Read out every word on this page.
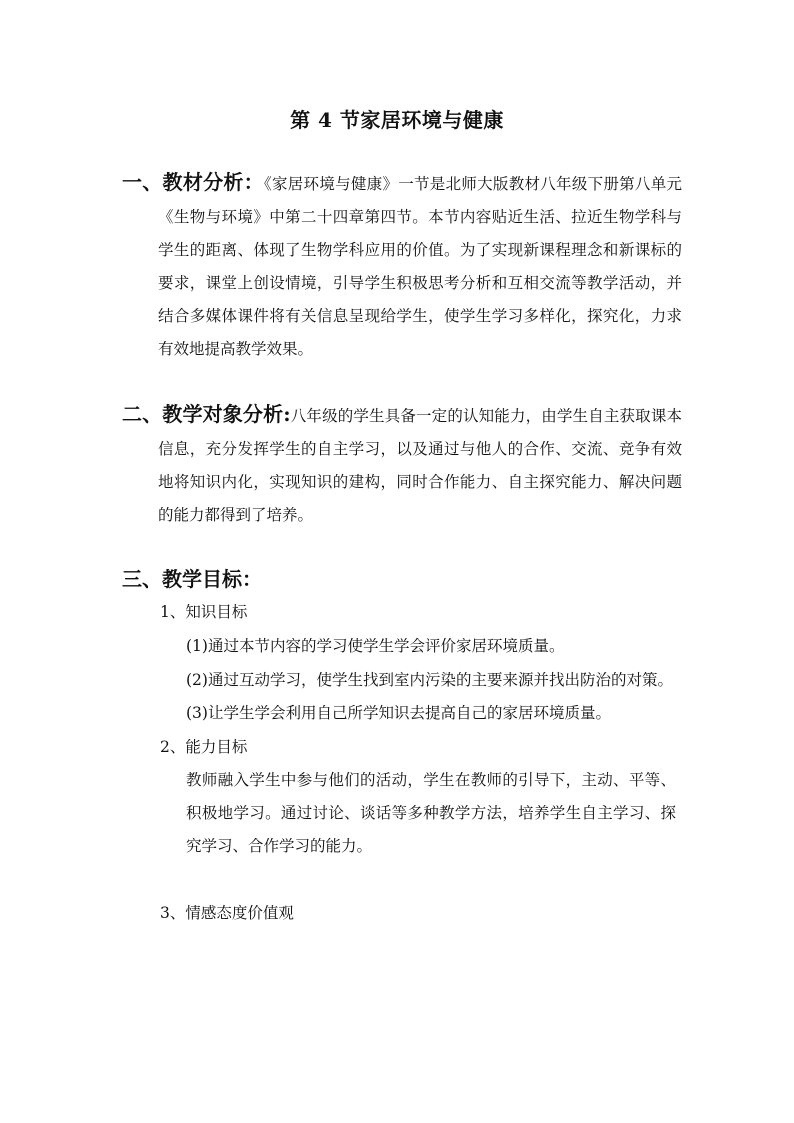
第 4 节家居环境与健康
一、教材分析：《家居环境与健康》一节是北师大版教材八年级下册第八单元《生物与环境》中第二十四章第四节。本节内容贴近生活、拉近生物学科与学生的距离、体现了生物学科应用的价值。为了实现新课程理念和新课标的要求，课堂上创设情境，引导学生积极思考分析和互相交流等教学活动，并结合多媒体课件将有关信息呈现给学生，使学生学习多样化，探究化，力求有效地提高教学效果。
二、教学对象分析:八年级的学生具备一定的认知能力，由学生自主获取课本信息，充分发挥学生的自主学习，以及通过与他人的合作、交流、竞争有效地将知识内化，实现知识的建构，同时合作能力、自主探究能力、解决问题的能力都得到了培养。
三、教学目标：
1、知识目标
(1)通过本节内容的学习使学生学会评价家居环境质量。
(2)通过互动学习，使学生找到室内污染的主要来源并找出防治的对策。
(3)让学生学会利用自己所学知识去提高自己的家居环境质量。
2、能力目标
教师融入学生中参与他们的活动，学生在教师的引导下，主动、平等、积极地学习。通过讨论、谈话等多种教学方法，培养学生自主学习、探究学习、合作学习的能力。
3、情感态度价值观
